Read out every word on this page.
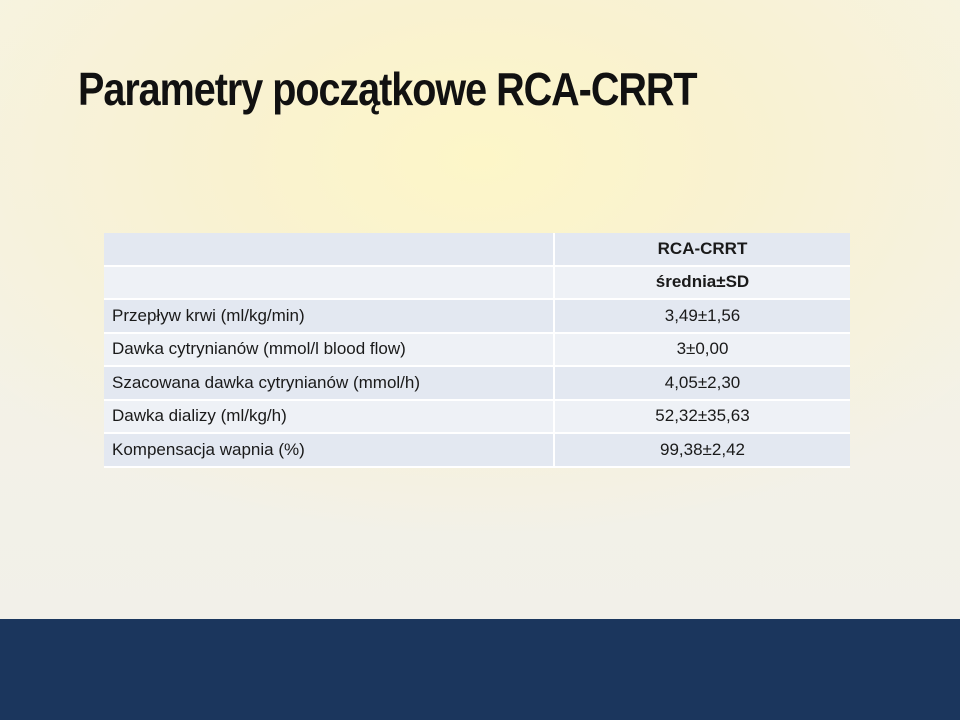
Parametry początkowe RCA-CRRT
	RCA-CRRT
	średnia±SD
Przepływ krwi (ml/kg/min)	3,49±1,56
Dawka cytrynianów (mmol/l blood flow)	3±0,00
Szacowana dawka cytrynianów (mmol/h)	4,05±2,30
Dawka dializy (ml/kg/h)	52,32±35,63
Kompensacja wapnia (%)	99,38±2,42
